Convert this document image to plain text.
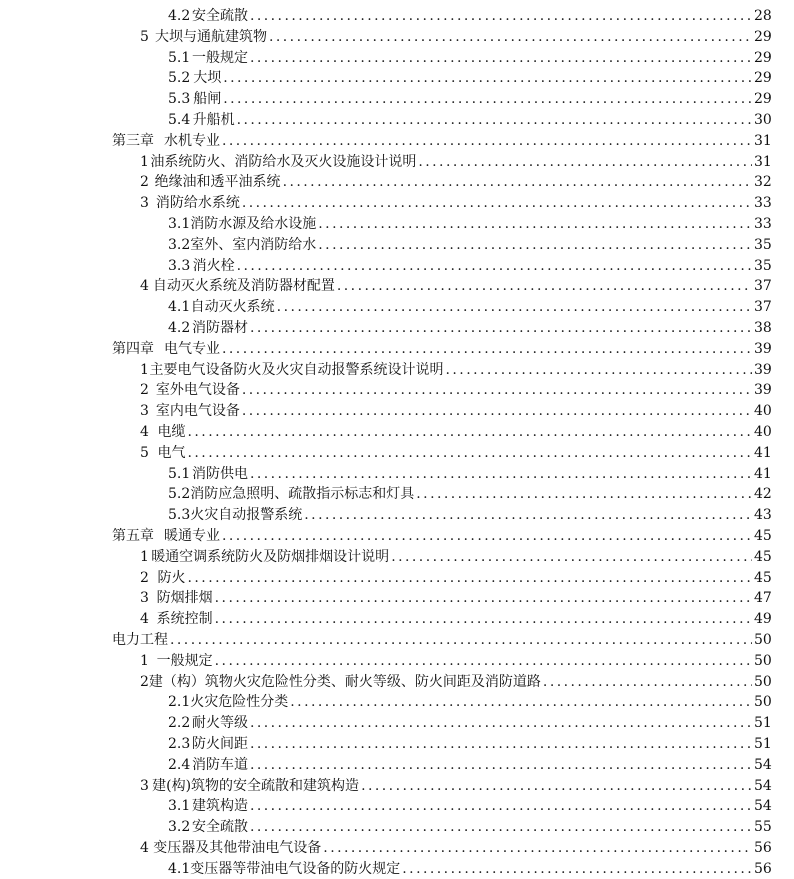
4.2 安全疏散 . . .	28
5 大坝与通航建筑物 . . .	29
5.1 一般规定 . . .	29
5.2 大坝 . . .	29
5.3 船闸 . . .	29
5.4 升船机 . . .	30
第三章 水机专业 . . .	31
1 油系统防火、消防给水及灭火设施设计说明 . . .	31
2 绝缘油和透平油系统 . . .	32
3 消防给水系统 . . .	33
3.1 消防水源及给水设施 . . .	33
3.2 室外、室内消防给水 . . .	35
3.3 消火栓 . . .	35
4 自动灭火系统及消防器材配置 . . .	37
4.1 自动灭火系统 . . .	37
4.2 消防器材 . . .	38
第四章 电气专业 . . .	39
1 主要电气设备防火及火灾自动报警系统设计说明 . . .	39
2 室外电气设备 . . .	39
3 室内电气设备 . . .	40
4 电缆 . . .	40
5 电气 . . .	41
5.1 消防供电 . . .	41
5.2 消防应急照明、疏散指示标志和灯具 . . .	42
5.3 火灾自动报警系统 . . .	43
第五章 暖通专业 . . .	45
1 暖通空调系统防火及防烟排烟设计说明 . . .	45
2 防火 . . .	45
3 防烟排烟 . . .	47
4 系统控制 . . .	49
电力工程 . . .	50
1 一般规定 . . .	50
2 建（构）筑物火灾危险性分类、耐火等级、防火间距及消防道路 . . .	50
2.1 火灾危险性分类 . . .	50
2.2 耐火等级 . . .	51
2.3 防火间距 . . .	51
2.4 消防车道 . . .	54
3 建(构)筑物的安全疏散和建筑构造 . . .	54
3.1 建筑构造 . . .	54
3.2 安全疏散 . . .	55
4 变压器及其他带油电气设备 . . .	56
4.1 变压器等带油电气设备的防火规定 . . .	56
